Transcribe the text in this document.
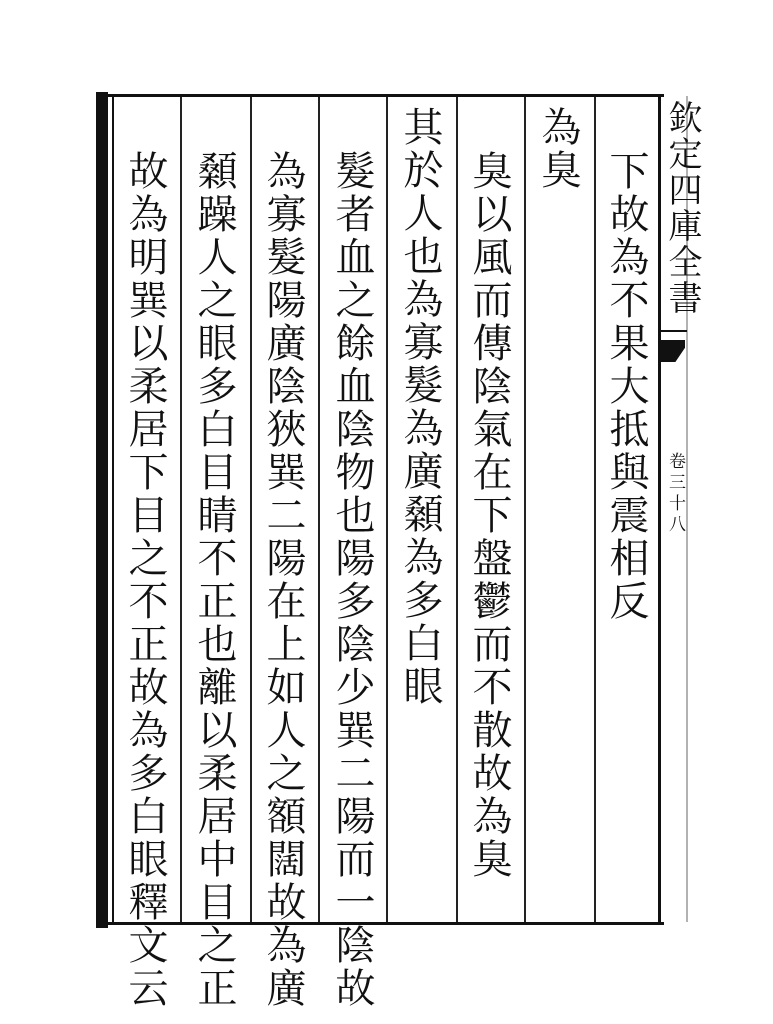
欽定四庫全書
卷三十八
下故為不果大抵與震相反
為臭
臭以風而傳陰氣在下盤鬱而不散故為臭
其於人也為寡髮為廣顙為多白眼
髮者血之餘血陰物也陽多陰少巽二陽而一陰故
為寡髮陽廣陰狹巽二陽在上如人之額闊故為廣
顙躁人之眼多白目睛不正也離以柔居中目之正
故為明巽以柔居下目之不正故為多白眼釋文云
